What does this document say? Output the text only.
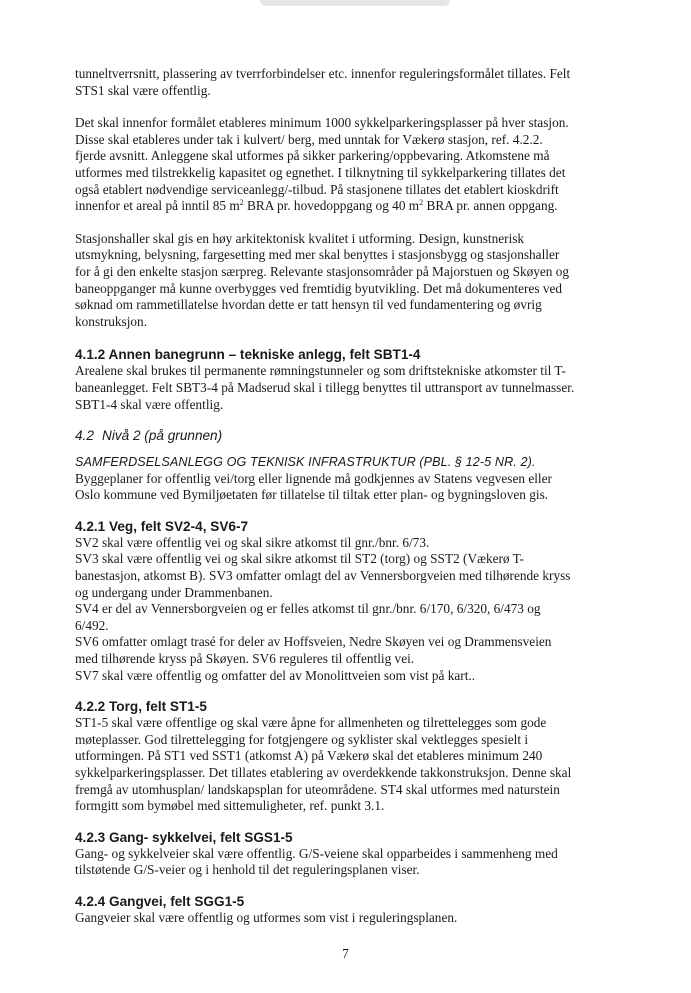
tunneltverrsnitt, plassering av tverrforbindelser etc. innenfor reguleringsformålet tillates. Felt

STS1 skal være offentlig.

Det skal innenfor formålet etableres minimum 1000 sykkelparkeringsplasser på hver stasjon.

Disse skal etableres under tak i kulvert/ berg, med unntak for Vækerø stasjon, ref. 4.2.2.

fjerde avsnitt. Anleggene skal utformes på sikker parkering/oppbevaring. Atkomstene må

utformes med tilstrekkelig kapasitet og egnethet. I tilknytning til sykkelparkering tillates det

også etablert nødvendige serviceanlegg/-tilbud. På stasjonene tillates det etablert kioskdrift

innenfor et areal på inntil 85 $m^2$ BRA pr. hovedoppgang og 40 $m^2$ BRA pr. annen oppgang.

Stasjonshaller skal gis en høy arkitektonisk kvalitet i utforming. Design, kunstnerisk

utsmykning, belysning, fargesetting med mer skal benyttes i stasjonsbygg og stasjonshaller

for å gi den enkelte stasjon særpreg. Relevante stasjonsområder på Majorstuen og Skøyen og

baneoppganger må kunne overbygges ved fremtidig byutvikling. Det må dokumenteres ved

søknad om rammetillatelse hvordan dette er tatt hensyn til ved fundamentering og øvrig

konstruksjon.

4.1.2 Annen banegrunn – tekniske anlegg, felt SBT1-4

Arealene skal brukes til permanente rømningstunneler og som driftstekniske atkomster til T-

baneanlegget. Felt SBT3-4 på Madserud skal i tillegg benyttes til uttransport av tunnelmasser.

SBT1-4 skal være offentlig.

4.2 Nivå 2 (på grunnen)

SAMFERDSELSANLEGG OG TEKNISK INFRASTRUKTUR (PBL. § 12-5 NR. 2).

Byggeplaner for offentlig vei/torg eller lignende må godkjennes av Statens vegvesen eller

Oslo kommune ved Bymiljøetaten før tillatelse til tiltak etter plan- og bygningsloven gis.

4.2.1 Veg, felt SV2-4, SV6-7

SV2 skal være offentlig vei og skal sikre atkomst til gnr./bnr. 6/73.

SV3 skal være offentlig vei og skal sikre atkomst til ST2 (torg) og SST2 (Vækerø T-

banestasjon, atkomst B). SV3 omfatter omlagt del av Vennersborgveien med tilhørende kryss

og undergang under Drammenbanen.

SV4 er del av Vennersborgveien og er felles atkomst til gnr./bnr. 6/170, 6/320, 6/473 og

6/492.

SV6 omfatter omlagt trasé for deler av Hoffsveien, Nedre Skøyen vei og Drammensveien

med tilhørende kryss på Skøyen. SV6 reguleres til offentlig vei.

SV7 skal være offentlig og omfatter del av Monolittveien som vist på kart..

4.2.2 Torg, felt ST1-5

ST1-5 skal være offentlige og skal være åpne for allmenheten og tilrettelegges som gode

møteplasser. God tilrettelegging for fotgjengere og syklister skal vektlegges spesielt i

utformingen. På ST1 ved SST1 (atkomst A) på Vækerø skal det etableres minimum 240

sykkelparkeringsplasser. Det tillates etablering av overdekkende takkonstruksjon. Denne skal

fremgå av utomhusplan/ landskapsplan for uteområdene. ST4 skal utformes med naturstein

formgitt som bymøbel med sittemuligheter, ref. punkt 3.1.

4.2.3 Gang- sykkelvei, felt SGS1-5

Gang- og sykkelveier skal være offentlig. G/S-veiene skal opparbeides i sammenheng med

tilstøtende G/S-veier og i henhold til det reguleringsplanen viser.

4.2.4 Gangvei, felt SGG1-5

Gangveier skal være offentlig og utformes som vist i reguleringsplanen.

7
